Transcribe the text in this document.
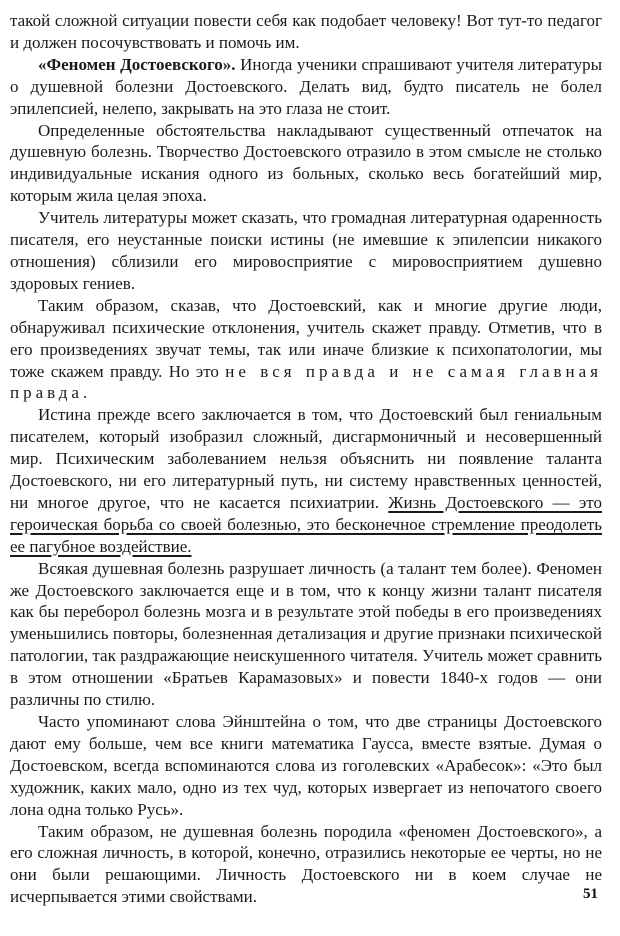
такой сложной ситуации повести себя как подобает человеку! Вот тут-то педагог и должен посочувствовать и помочь им.

«Феномен Достоевского». Иногда ученики спрашивают учителя литературы о душевной болезни Достоевского. Делать вид, будто писатель не болел эпилепсией, нелепо, закрывать на это глаза не стоит.

Определенные обстоятельства накладывают существенный отпечаток на душевную болезнь. Творчество Достоевского отразило в этом смысле не столько индивидуальные искания одного из больных, сколько весь богатейший мир, которым жила целая эпоха.

Учитель литературы может сказать, что громадная литературная одаренность писателя, его неустанные поиски истины (не имевшие к эпилепсии никакого отношения) сблизили его мировосприятие с мировосприятием душевно здоровых гениев.

Таким образом, сказав, что Достоевский, как и многие другие люди, обнаруживал психические отклонения, учитель скажет правду. Отметив, что в его произведениях звучат темы, так или иначе близкие к психопатологии, мы тоже скажем правду. Но это не вся правда и не самая главная правда.

Истина прежде всего заключается в том, что Достоевский был гениальным писателем, который изобразил сложный, дисгармоничный и несовершенный мир. Психическим заболеванием нельзя объяснить ни появление таланта Достоевского, ни его литературный путь, ни систему нравственных ценностей, ни многое другое, что не касается психиатрии. Жизнь Достоевского — это героическая борьба со своей болезнью, это бесконечное стремление преодолеть ее пагубное воздействие.

Всякая душевная болезнь разрушает личность (а талант тем более). Феномен же Достоевского заключается еще и в том, что к концу жизни талант писателя как бы переборол болезнь мозга и в результате этой победы в его произведениях уменьшились повторы, болезненная детализация и другие признаки психической патологии, так раздражающие неискушенного читателя. Учитель может сравнить в этом отношении «Братьев Карамазовых» и повести 1840-х годов — они различны по стилю.

Часто упоминают слова Эйнштейна о том, что две страницы Достоевского дают ему больше, чем все книги математика Гаусса, вместе взятые. Думая о Достоевском, всегда вспоминаются слова из гоголевских «Арабесок»: «Это был художник, каких мало, одно из тех чуд, которых извергает из непочатого своего лона одна только Русь».

Таким образом, не душевная болезнь породила «феномен Достоевского», а его сложная личность, в которой, конечно, отразились некоторые ее черты, но не они были решающими. Личность Достоевского ни в коем случае не исчерпывается этими свойствами.	51
